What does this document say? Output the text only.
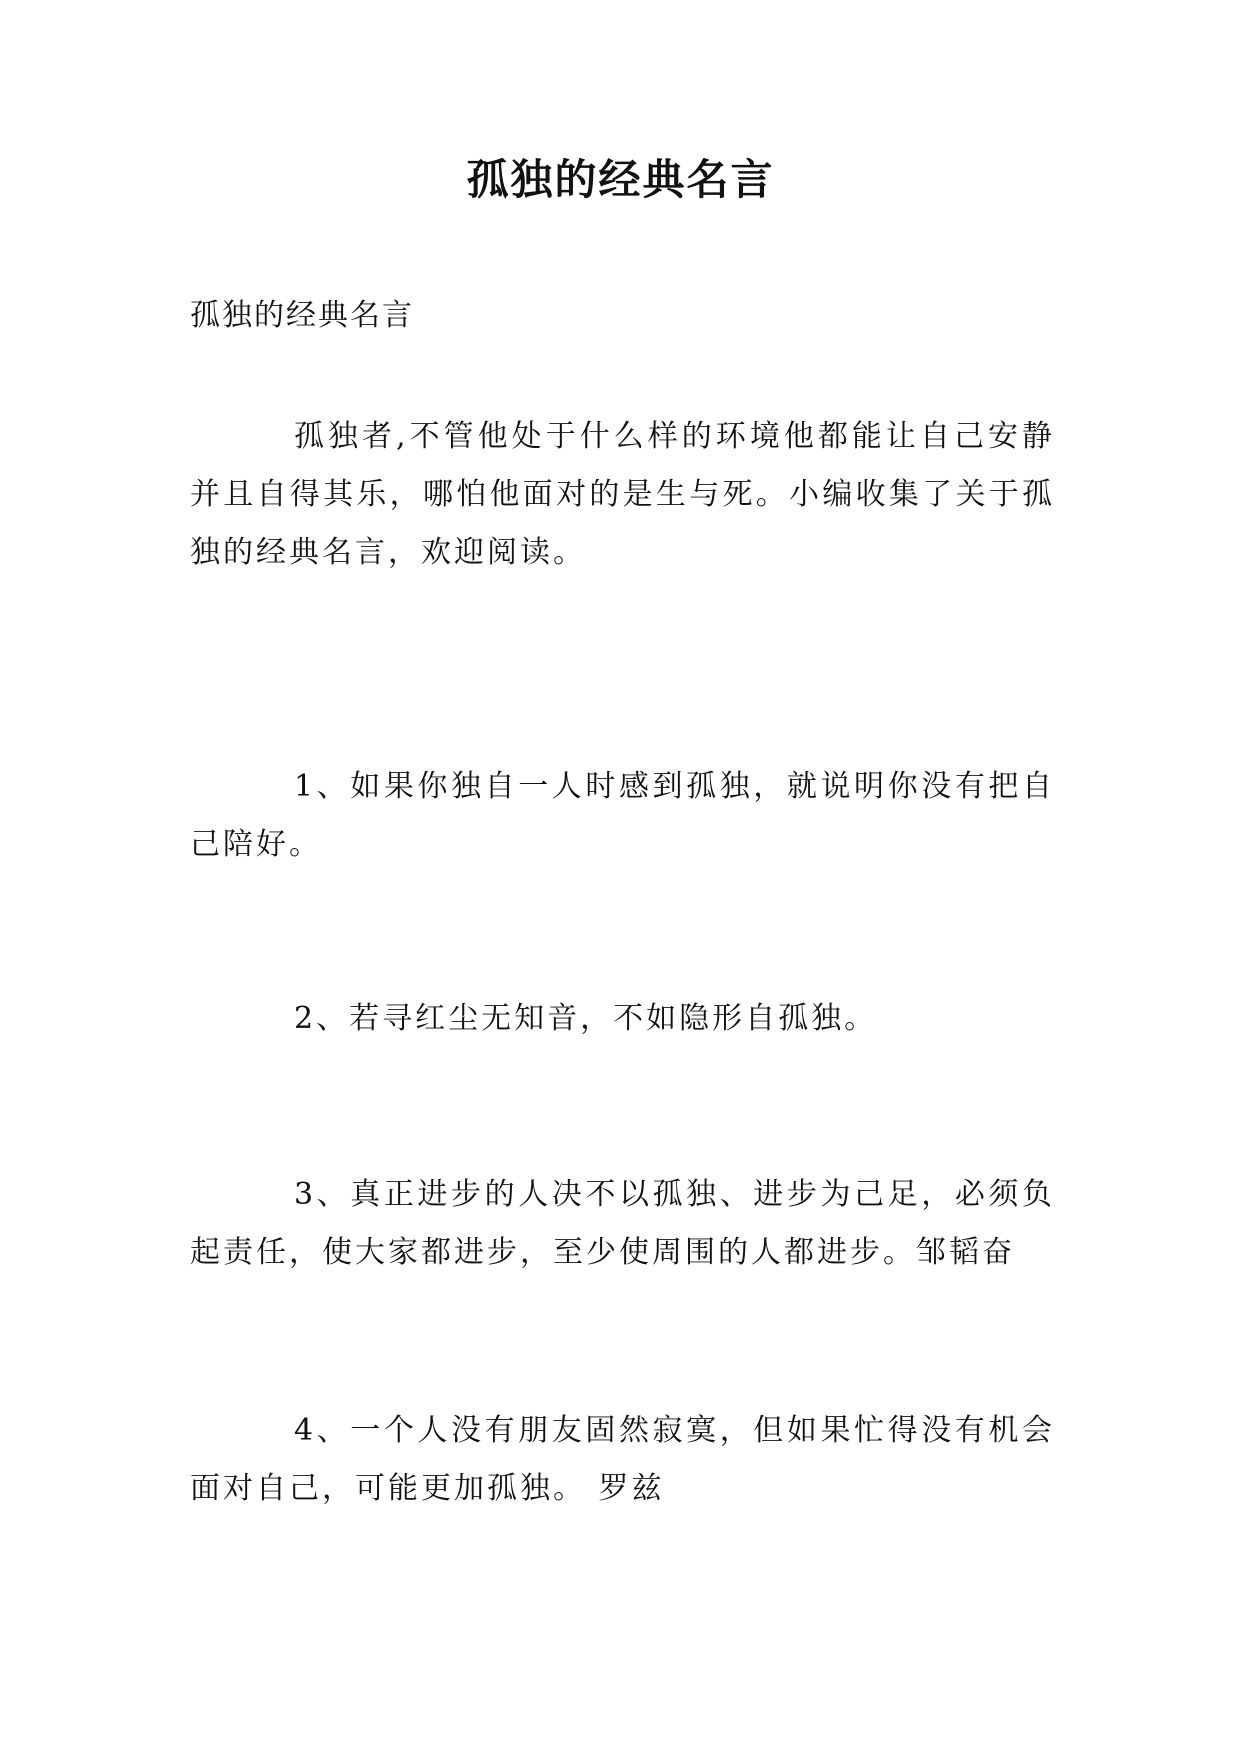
孤独的经典名言
孤独的经典名言

孤独者,不管他处于什么样的环境他都能让自己安静并且自得其乐，哪怕他面对的是生与死。小编收集了关于孤独的经典名言，欢迎阅读。

1、如果你独自一人时感到孤独，就说明你没有把自己陪好。

2、若寻红尘无知音，不如隐形自孤独。

3、真正进步的人决不以孤独、进步为己足，必须负起责任，使大家都进步，至少使周围的人都进步。邹韬奋

4、一个人没有朋友固然寂寞，但如果忙得没有机会面对自己，可能更加孤独。 罗兹
